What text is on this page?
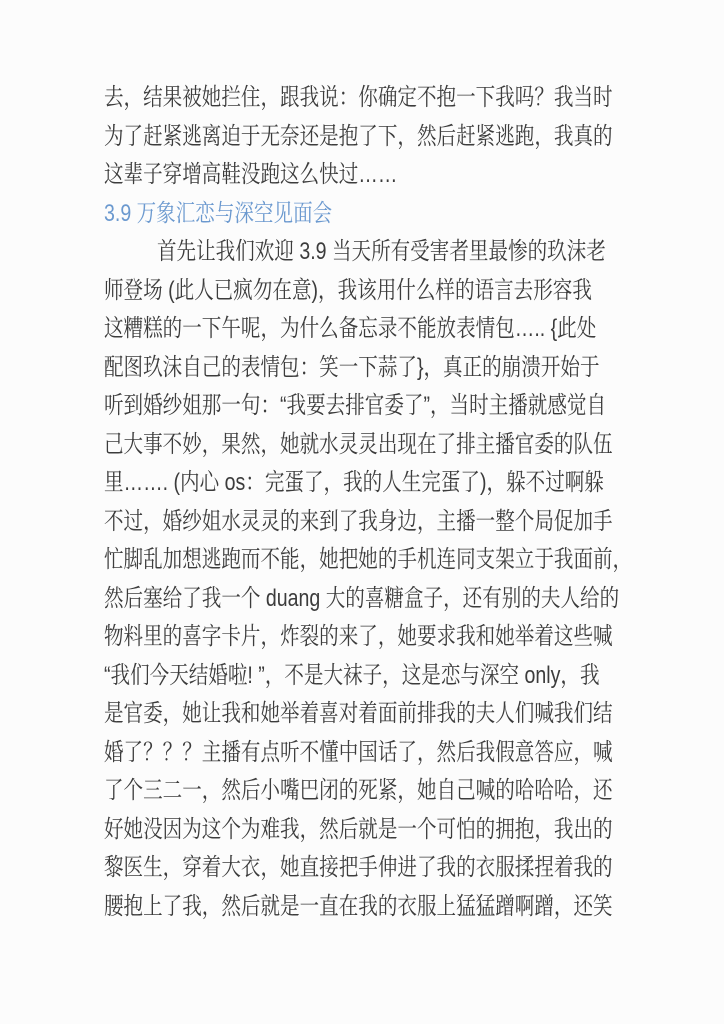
去，结果被她拦住，跟我说：你确定不抱一下我吗？我当时
为了赶紧逃离迫于无奈还是抱了下，然后赶紧逃跑，我真的
这辈子穿增高鞋没跑这么快过……
3.9 万象汇恋与深空见面会
首先让我们欢迎 3.9 当天所有受害者里最惨的玖沫老
师登场 (此人已疯勿在意)，我该用什么样的语言去形容我
这糟糕的一下午呢，为什么备忘录不能放表情包….. {此处
配图玖沫自己的表情包：笑一下蒜了}，真正的崩溃开始于
听到婚纱姐那一句：“我要去排官委了”，当时主播就感觉自
己大事不妙，果然，她就水灵灵出现在了排主播官委的队伍
里……. (内心 os：完蛋了，我的人生完蛋了)，躲不过啊躲
不过，婚纱姐水灵灵的来到了我身边，主播一整个局促加手
忙脚乱加想逃跑而不能，她把她的手机连同支架立于我面前，
然后塞给了我一个 duang 大的喜糖盒子，还有别的夫人给的
物料里的喜字卡片，炸裂的来了，她要求我和她举着这些喊
“我们今天结婚啦! ”，不是大袜子，这是恋与深空 only，我
是官委，她让我和她举着喜对着面前排我的夫人们喊我们结
婚了？？？主播有点听不懂中国话了，然后我假意答应，喊
了个三二一，然后小嘴巴闭的死紧，她自己喊的哈哈哈，还
好她没因为这个为难我，然后就是一个可怕的拥抱，我出的
黎医生，穿着大衣，她直接把手伸进了我的衣服揉捏着我的
腰抱上了我，然后就是一直在我的衣服上猛猛蹭啊蹭，还笑
